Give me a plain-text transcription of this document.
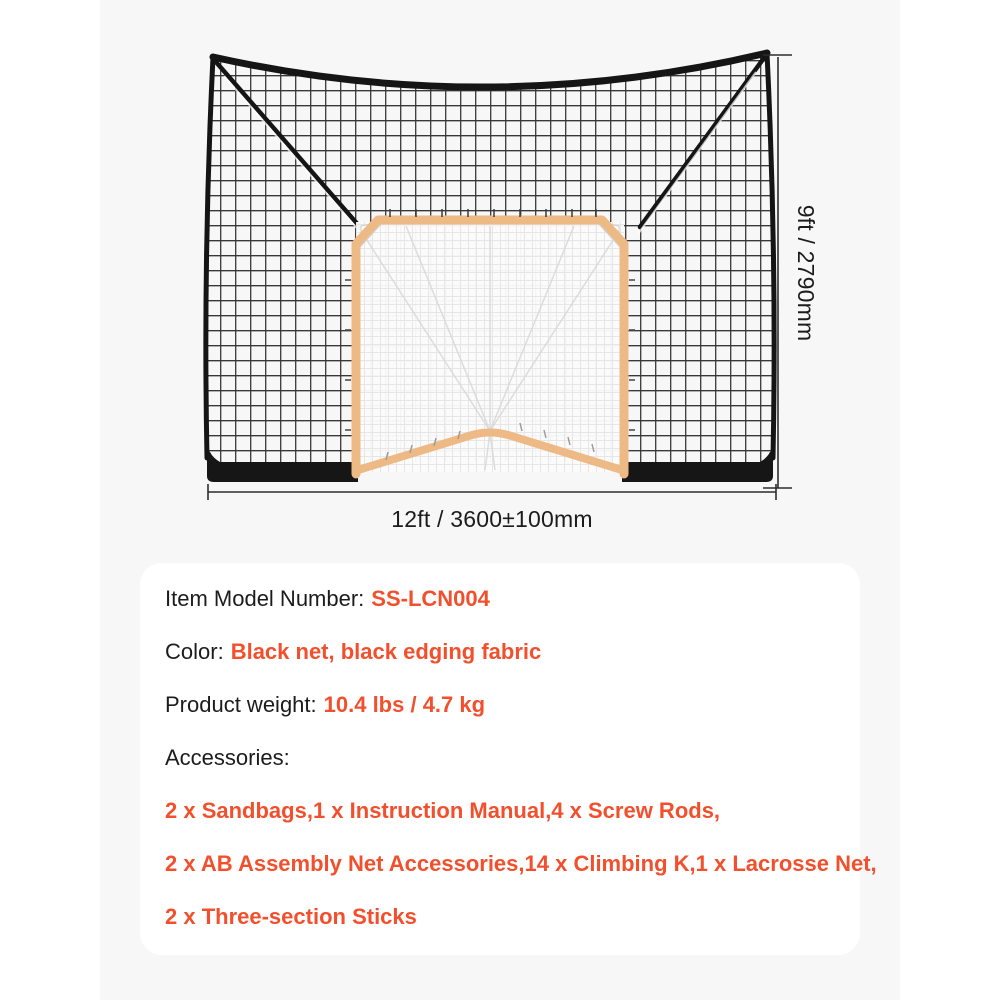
9ft / 2790mm
12ft / 3600±100mm
Item Model Number: SS-LCN004
Color: Black net, black edging fabric
Product weight: 10.4 lbs / 4.7 kg
Accessories:
2 x Sandbags,1 x Instruction Manual,4 x Screw Rods,
2 x AB Assembly Net Accessories,14 x Climbing K,1 x Lacrosse Net,
2 x Three-section Sticks
